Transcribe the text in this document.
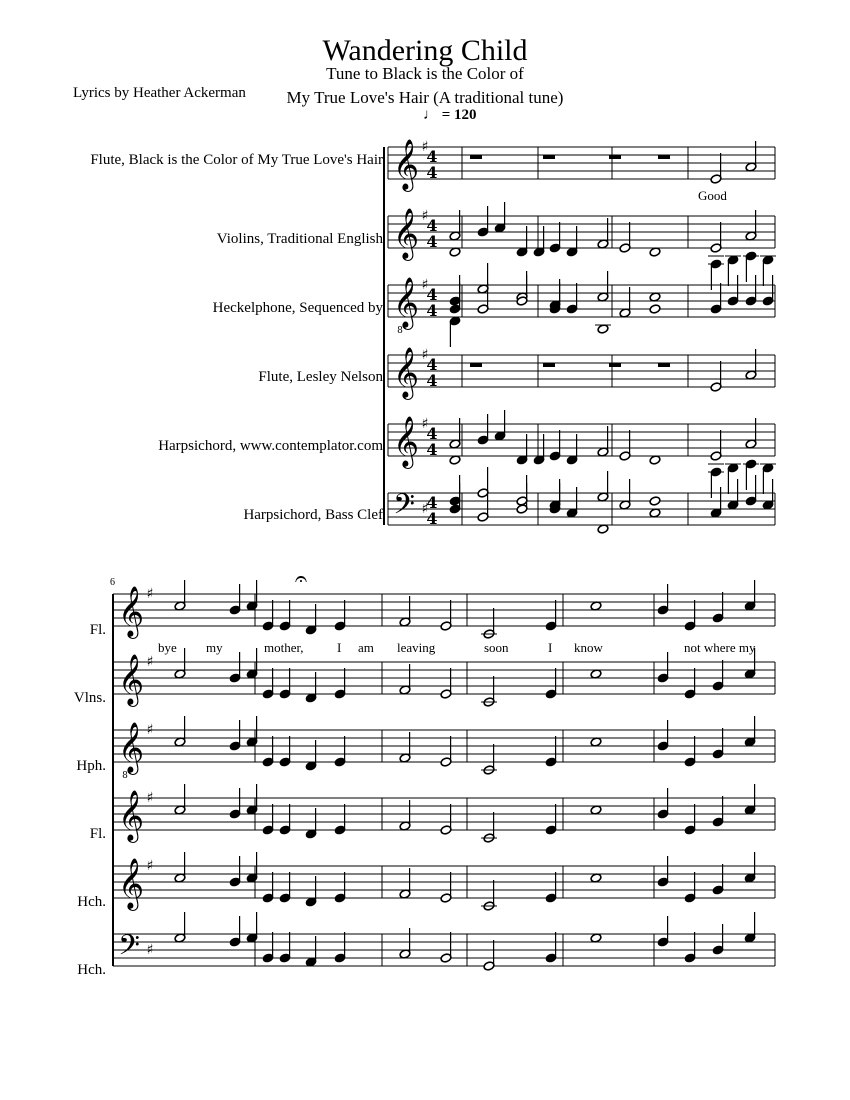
Wandering Child
Tune to Black is the Color of
My True Love's Hair (A traditional tune)
Lyrics by Heather Ackerman
♩ = 120
Flute, Black is the Color of My True Love's Hair
Violins, Traditional English
Heckelphone, Sequenced by
Flute, Lesley Nelson
Harpsichord, www.contemplator.com
Harpsichord, Bass Clef
Good
6
Fl.
Vlns.
Hph.
Fl.
Hch.
Hch.
bye my	mother,	I am leaving	soon	I know	not where my
𝄞 ♯
4
4
𝄞 ♯
4
4
𝄞
8
♯
4
4
𝄞 ♯
4
4
𝄞 ♯
4
4
𝄢 ♯
4
4
𝄞 ♯
𝄞 ♯
𝄞
8
♯
𝄞 ♯
𝄞 ♯
𝄢 ♯
𝄐
